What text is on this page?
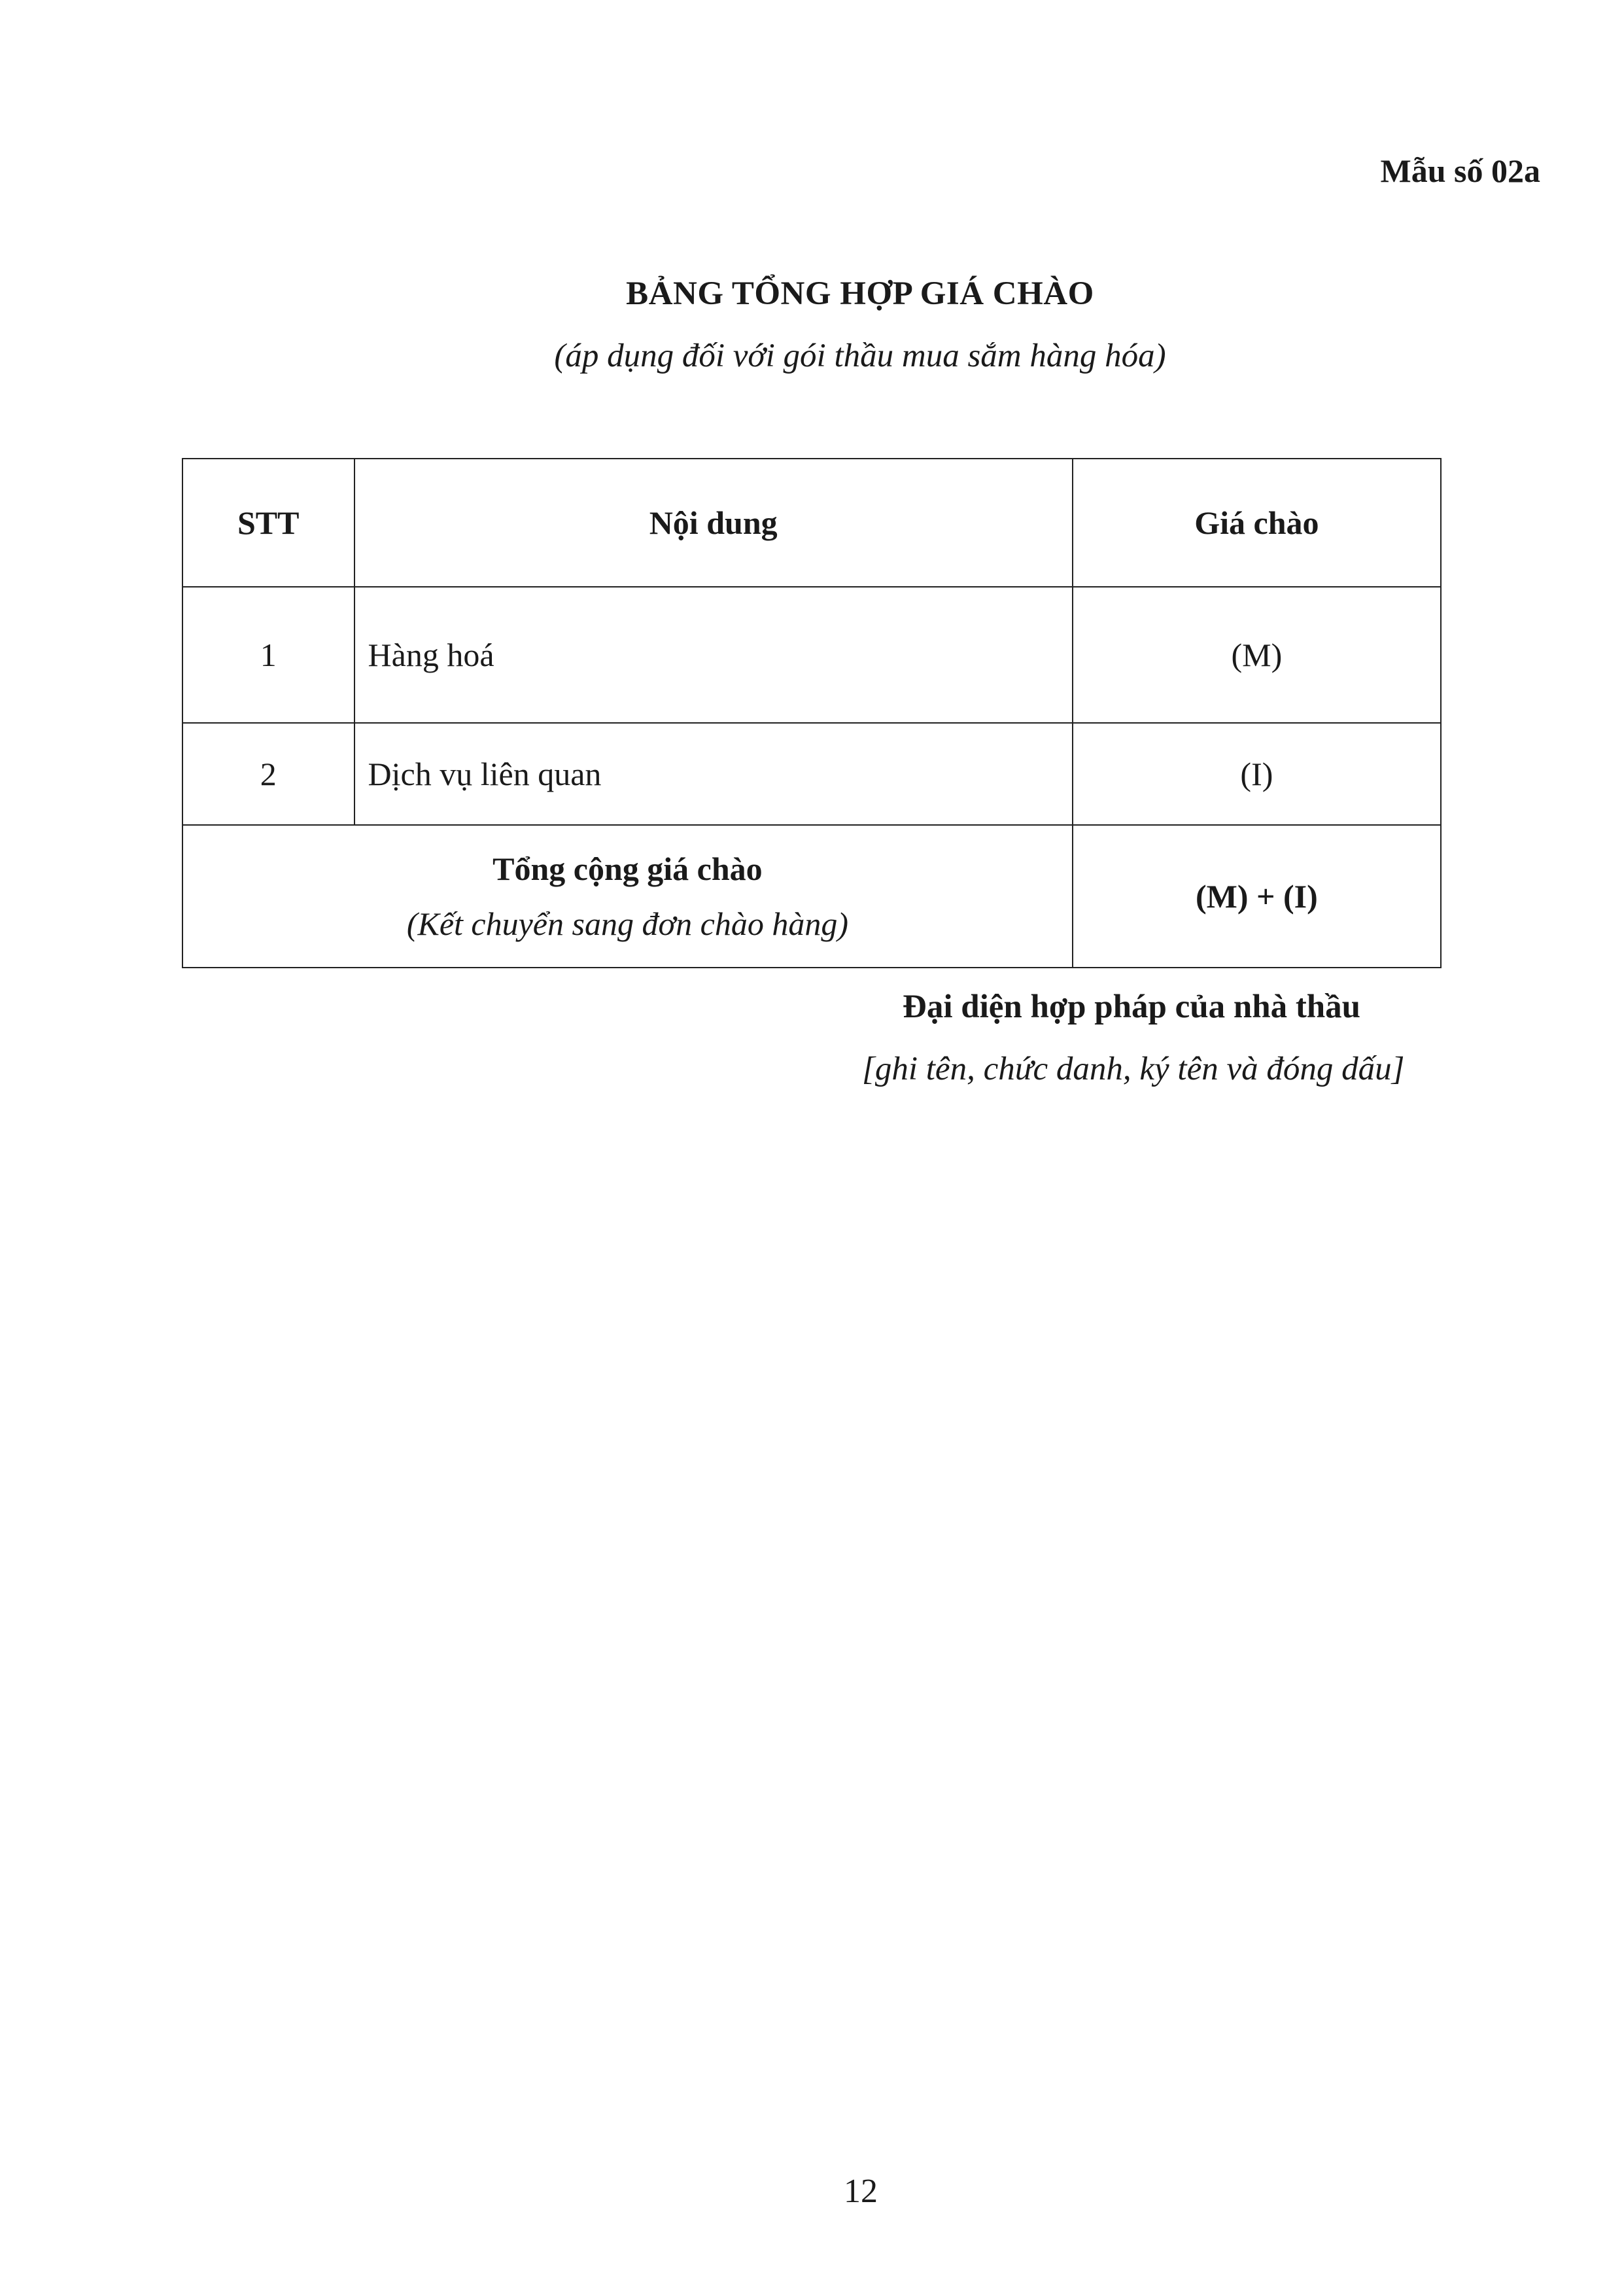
Mẫu số 02a
BẢNG TỔNG HỢP GIÁ CHÀO
(áp dụng đối với gói thầu mua sắm hàng hóa)
STT	Nội dung	Giá chào
1	Hàng hoá	(M)
2	Dịch vụ liên quan	(I)

Tổng cộng giá chào
(Kết chuyển sang đơn chào hàng)		(M) + (I)
Đại diện hợp pháp của nhà thầu
[ghi tên, chức danh, ký tên và đóng dấu]
12
